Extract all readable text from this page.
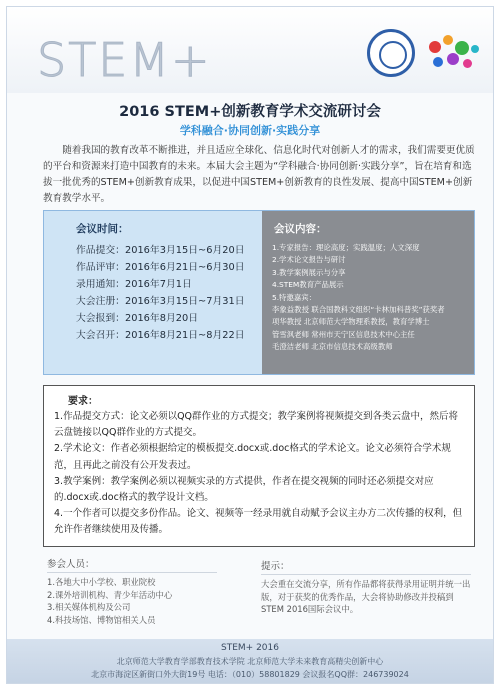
STEM+
2016 STEM+创新教育学术交流研讨会
学科融合·协同创新·实践分享
随着我国的教育改革不断推进，并且适应全球化、信息化时代对创新人才的需求，我们需要更优质的平台和资源来打造中国教育的未来。本届大会主题为“学科融合·协同创新·实践分享”，旨在培育和选拔一批优秀的STEM+创新教育成果，以促进中国STEM+创新教育的良性发展、提高中国STEM+创新教育教学水平。
会议时间：
作品提交：2016年3月15日~6月20日
作品评审：2016年6月21日~6月30日
录用通知：2016年7月1日
大会注册：2016年3月15日~7月31日
大会报到：2016年8月20日
大会召开：2016年8月21日~8月22日
会议内容：
1.专家报告：理论高度；实践温度；人文深度
2.学术论文报告与研讨
3.教学案例展示与分享
4.STEM教育产品展示
5.特邀嘉宾：
李象益教授 联合国教科文组织“卡林加科普奖”获奖者
项华教授 北京师范大学物理系教授，教育学博士
管雪沨老师 常州市天宁区信息技术中心主任
毛澄洁老师 北京市信息技术高级教师
要求：
1.作品提交方式：论文必须以QQ群作业的方式提交；教学案例将视频提交到各类云盘中，然后将云盘链接以QQ群作业的方式提交。
2.学术论文：作者必须根据给定的模板提交.docx或.doc格式的学术论文。论文必须符合学术规范，且再此之前没有公开发表过。
3.教学案例：教学案例必须以视频实录的方式提供，作者在提交视频的同时还必须提交对应的.docx或.doc格式的教学设计文档。
4.一个作者可以提交多份作品。论文、视频等一经录用就自动赋予会议主办方二次传播的权利，但允许作者继续使用及传播。
参会人员：
1.各地大中小学校、职业院校
2.课外培训机构、青少年活动中心
3.相关媒体机构及公司
4.科技场馆、博物馆相关人员
提示：
大会重在交流分享，所有作品都将获得录用证明并统一出版，对于获奖的优秀作品，大会将协助修改并投稿到STEM 2016国际会议中。
STEM+ 2016
北京师范大学教育学部教育技术学院 北京师范大学未来教育高精尖创新中心
北京市海淀区新街口外大街19号 电话：（010）58801829 会议报名QQ群：246739024
